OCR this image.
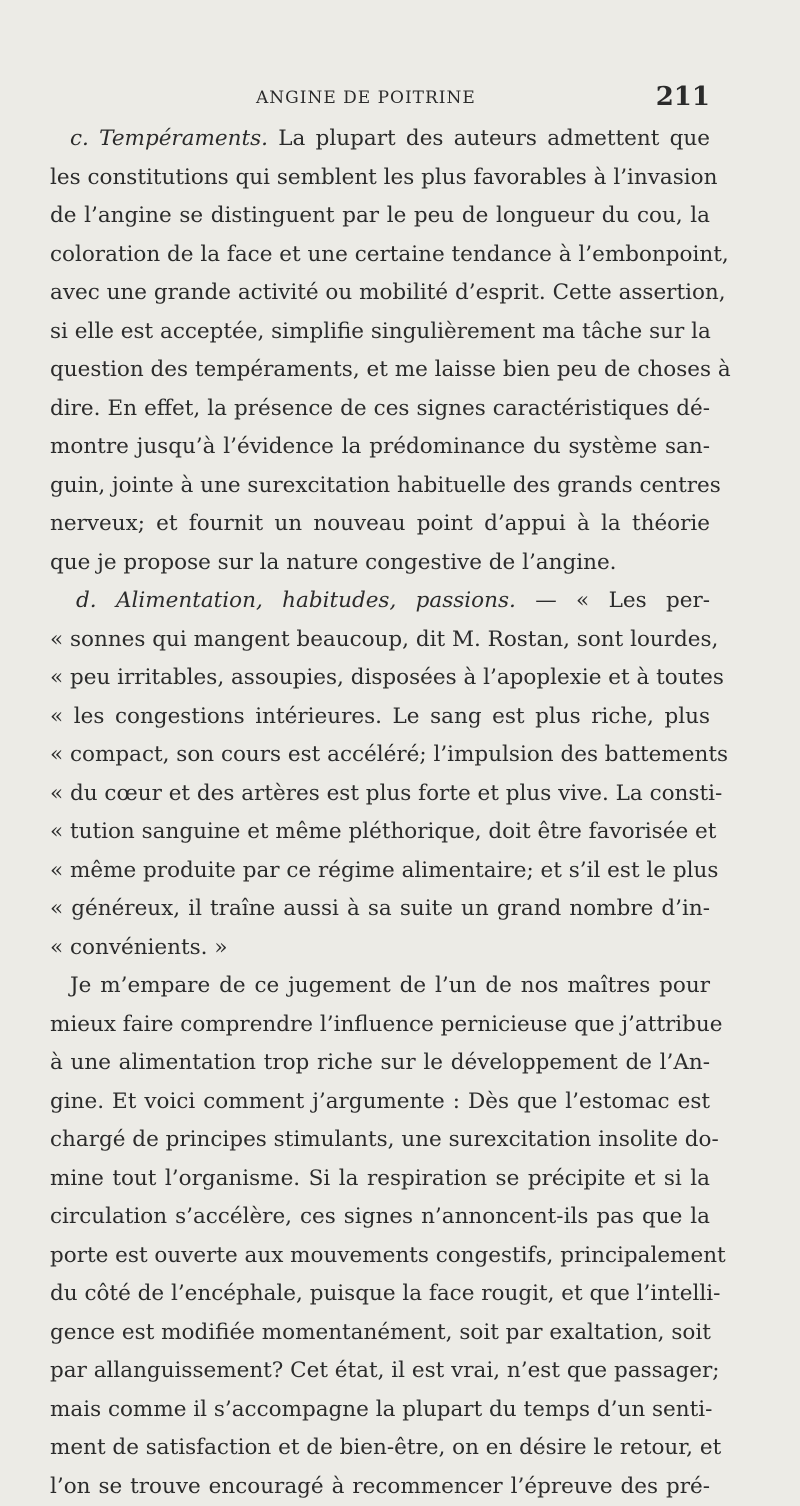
ANGINE DE POITRINE	211
c. Tempéraments. La plupart des auteurs admettent que
les constitutions qui semblent les plus favorables à l’invasion
de l’angine se distinguent par le peu de longueur du cou, la
coloration de la face et une certaine tendance à l’embonpoint,
avec une grande activité ou mobilité d’esprit. Cette assertion,
si elle est acceptée, simplifie singulièrement ma tâche sur la
question des tempéraments, et me laisse bien peu de choses à
dire. En effet, la présence de ces signes caractéristiques dé-
montre jusqu’à l’évidence la prédominance du système san-
guin, jointe à une surexcitation habituelle des grands centres
nerveux; et fournit un nouveau point d’appui à la théorie
que je propose sur la nature congestive de l’angine.
d. Alimentation, habitudes, passions. — « Les per-
« sonnes qui mangent beaucoup, dit M. Rostan, sont lourdes,
« peu irritables, assoupies, disposées à l’apoplexie et à toutes
« les congestions intérieures. Le sang est plus riche, plus
« compact, son cours est accéléré; l’impulsion des battements
« du cœur et des artères est plus forte et plus vive. La consti-
« tution sanguine et même pléthorique, doit être favorisée et
« même produite par ce régime alimentaire; et s’il est le plus
« généreux, il traîne aussi à sa suite un grand nombre d’in-
« convénients. »
Je m’empare de ce jugement de l’un de nos maîtres pour
mieux faire comprendre l’influence pernicieuse que j’attribue
à une alimentation trop riche sur le développement de l’An-
gine. Et voici comment j’argumente : Dès que l’estomac est
chargé de principes stimulants, une surexcitation insolite do-
mine tout l’organisme. Si la respiration se précipite et si la
circulation s’accélère, ces signes n’annoncent-ils pas que la
porte est ouverte aux mouvements congestifs, principalement
du côté de l’encéphale, puisque la face rougit, et que l’intelli-
gence est modifiée momentanément, soit par exaltation, soit
par allanguissement? Cet état, il est vrai, n’est que passager;
mais comme il s’accompagne la plupart du temps d’un senti-
ment de satisfaction et de bien-être, on en désire le retour, et
l’on se trouve encouragé à recommencer l’épreuve des pré-
